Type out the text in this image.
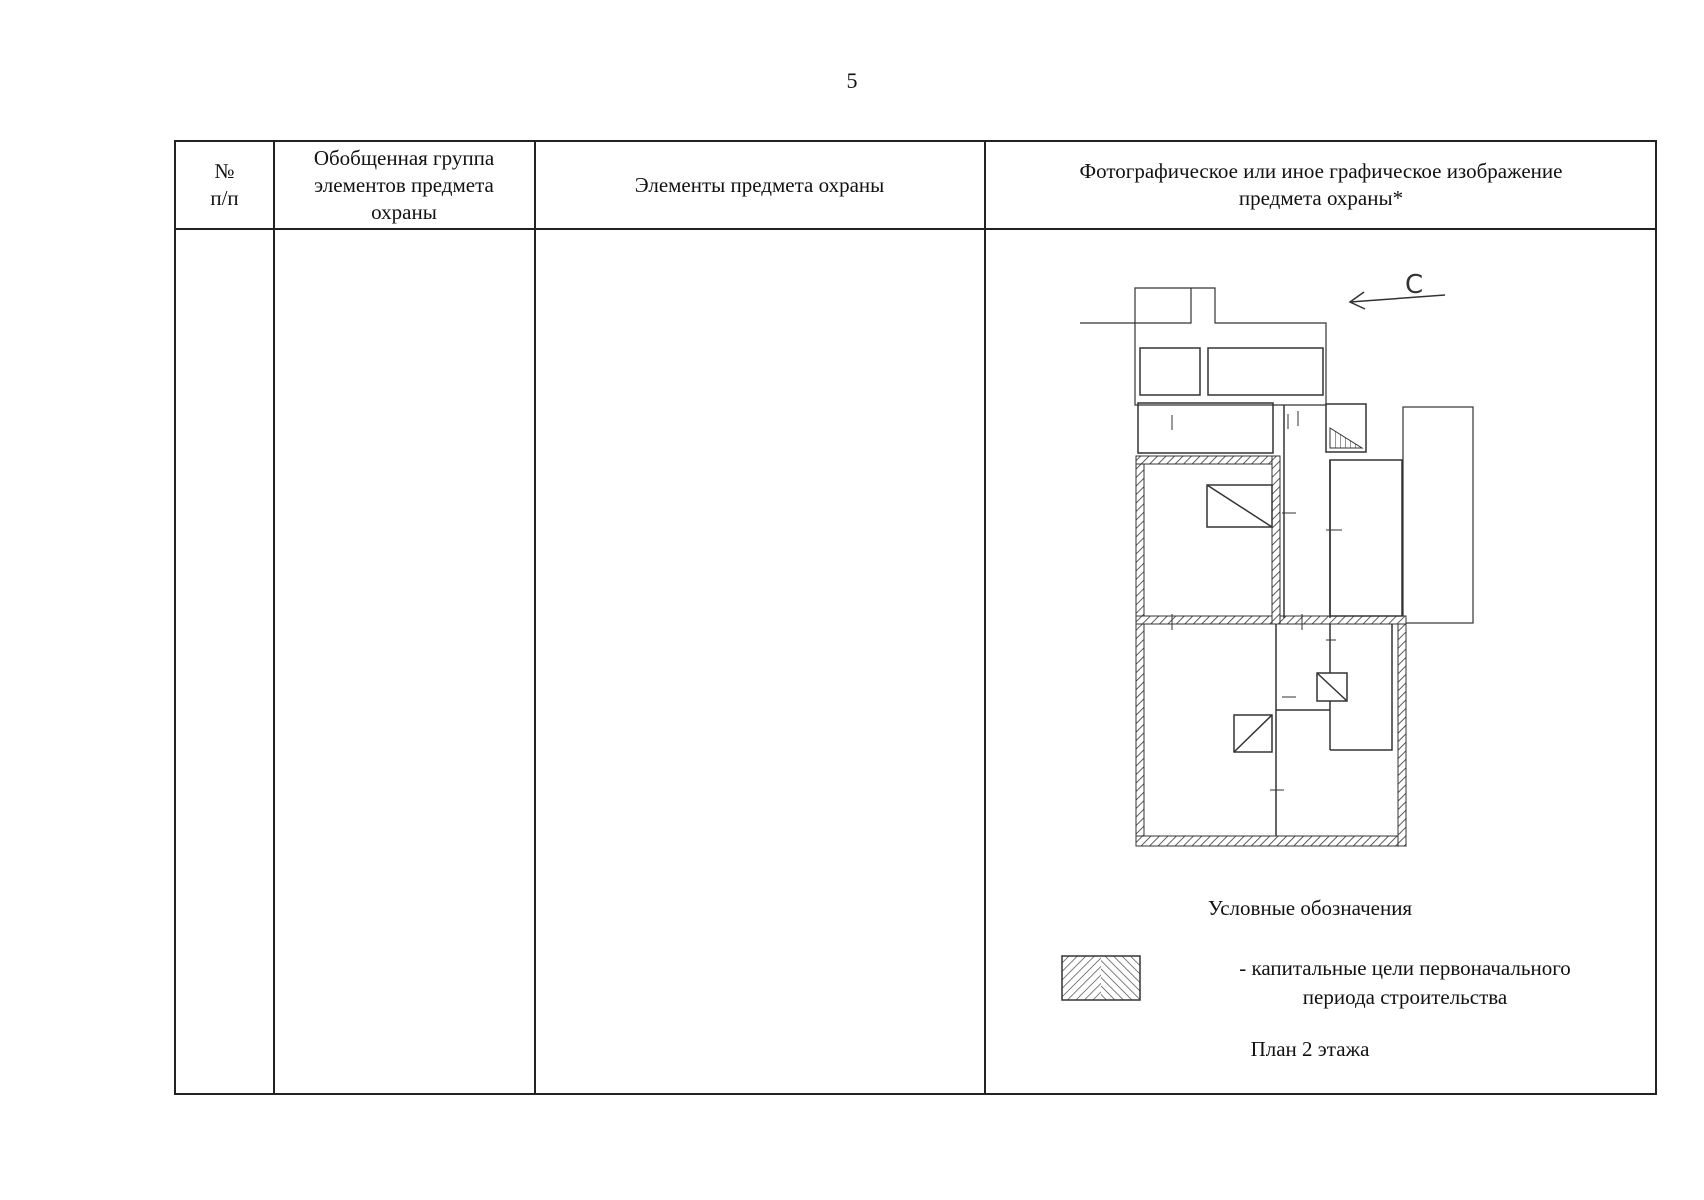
5
№
п/п
Обобщенная группа
элементов предмета
охраны
Элементы предмета охраны
Фотографическое или иное графическое изображение
предмета охраны*
С
Условные обозначения
- капитальные цели первоначального
периода строительства
План 2 этажа
